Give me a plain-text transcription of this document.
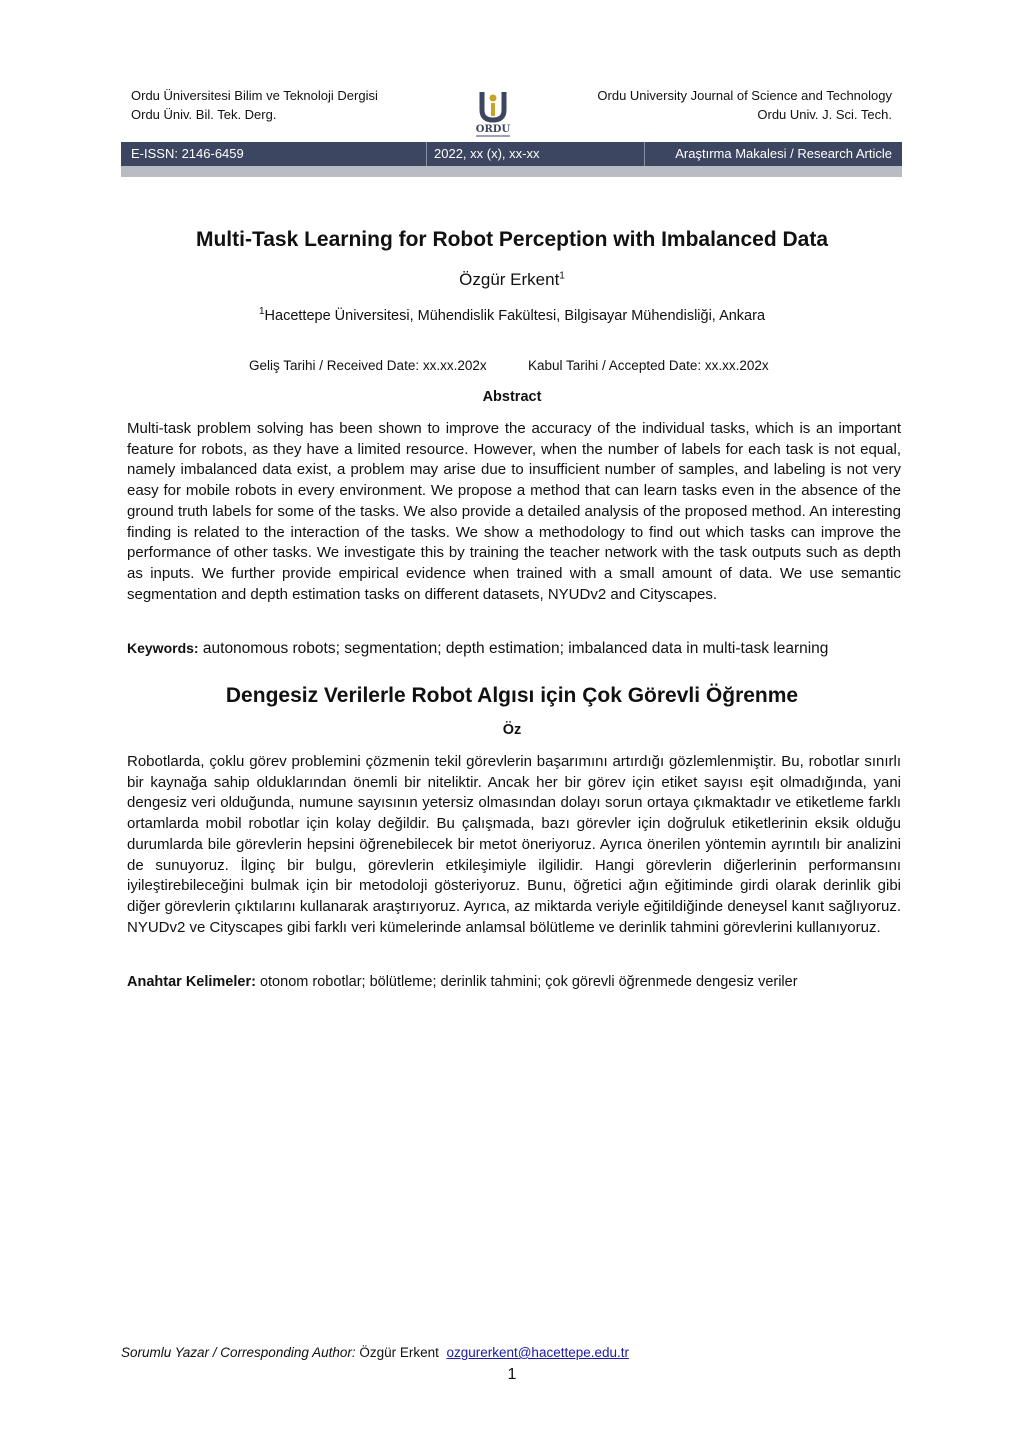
Ordu Üniversitesi Bilim ve Teknoloji Dergisi
Ordu Üniv. Bil. Tek. Derg.
ORDU
Ordu University Journal of Science and Technology
Ordu Univ. J. Sci. Tech.
E-ISSN: 2146-6459	2022, xx (x), xx-xx	Araştırma Makalesi / Research Article
Multi-Task Learning for Robot Perception with Imbalanced Data
Özgür Erkent$^1$
$^1$Hacettepe Üniversitesi, Mühendislik Fakültesi, Bilgisayar Mühendisliği, Ankara
Geliş Tarihi / Received Date: xx.xx.202x	Kabul Tarihi / Accepted Date: xx.xx.202x
Abstract
Multi-task problem solving has been shown to improve the accuracy of the individual tasks, which is an important feature for robots, as they have a limited resource. However, when the number of labels for each task is not equal, namely imbalanced data exist, a problem may arise due to insufficient number of samples, and labeling is not very easy for mobile robots in every environment. We propose a method that can learn tasks even in the absence of the ground truth labels for some of the tasks. We also provide a detailed analysis of the proposed method. An interesting finding is related to the interaction of the tasks. We show a methodology to find out which tasks can improve the performance of other tasks. We investigate this by training the teacher network with the task outputs such as depth as inputs. We further provide empirical evidence when trained with a small amount of data. We use semantic segmentation and depth estimation tasks on different datasets, NYUDv2 and Cityscapes.
Keywords: autonomous robots; segmentation; depth estimation; imbalanced data in multi-task learning
Dengesiz Verilerle Robot Algısı için Çok Görevli Öğrenme
Öz
Robotlarda, çoklu görev problemini çözmenin tekil görevlerin başarımını artırdığı gözlemlenmiştir. Bu, robotlar sınırlı bir kaynağa sahip olduklarından önemli bir niteliktir. Ancak her bir görev için etiket sayısı eşit olmadığında, yani dengesiz veri olduğunda, numune sayısının yetersiz olmasından dolayı sorun ortaya çıkmaktadır ve etiketleme farklı ortamlarda mobil robotlar için kolay değildir. Bu çalışmada, bazı görevler için doğruluk etiketlerinin eksik olduğu durumlarda bile görevlerin hepsini öğrenebilecek bir metot öneriyoruz. Ayrıca önerilen yöntemin ayrıntılı bir analizini de sunuyoruz. İlginç bir bulgu, görevlerin etkileşimiyle ilgilidir. Hangi görevlerin diğerlerinin performansını iyileştirebileceğini bulmak için bir metodoloji gösteriyoruz. Bunu, öğretici ağın eğitiminde girdi olarak derinlik gibi diğer görevlerin çıktılarını kullanarak araştırıyoruz. Ayrıca, az miktarda veriyle eğitildiğinde deneysel kanıt sağlıyoruz. NYUDv2 ve Cityscapes gibi farklı veri kümelerinde anlamsal bölütleme ve derinlik tahmini görevlerini kullanıyoruz.
Anahtar Kelimeler: otonom robotlar; bölütleme; derinlik tahmini; çok görevli öğrenmede dengesiz veriler
Sorumlu Yazar / Corresponding Author: Özgür Erkent ozgurerkent@hacettepe.edu.tr
1
